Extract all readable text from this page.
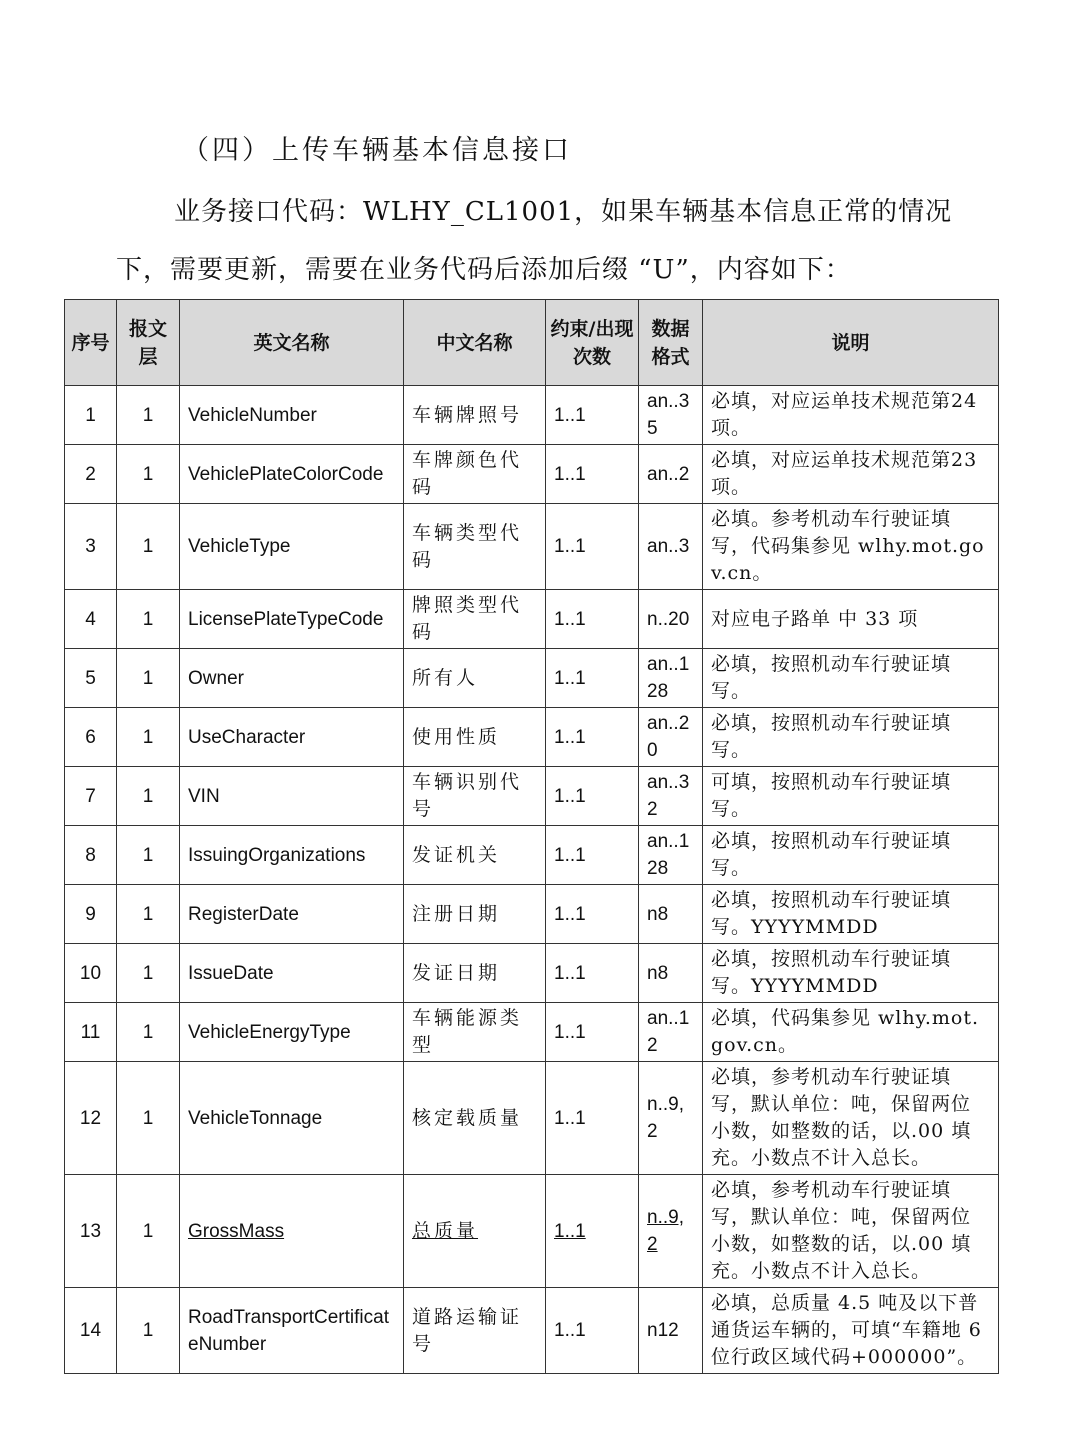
（四）上传车辆基本信息接口
业务接口代码：WLHY_CL1001，如果车辆基本信息正常的情况
下，需要更新，需要在业务代码后添加后缀 “U”，内容如下：
序号	报文层	英文名称	中文名称	约束/出现次数	数据格式	说明
1	1	VehicleNumber	车辆牌照号	1..1	an..35	必填，对应运单技术规范第24项。
2	1	VehiclePlateColorCode	车牌颜色代码	1..1	an..2	必填，对应运单技术规范第23项。
3	1	VehicleType	车辆类型代码	1..1	an..3	必填。参考机动车行驶证填写，代码集参见 wlhy.mot.gov.cn。
4	1	LicensePlateTypeCode	牌照类型代码	1..1	n..20	对应电子路单 中 33 项
5	1	Owner	所有人	1..1	an..128	必填，按照机动车行驶证填写。
6	1	UseCharacter	使用性质	1..1	an..20	必填，按照机动车行驶证填写。
7	1	VIN	车辆识别代号	1..1	an..32	可填，按照机动车行驶证填写。
8	1	IssuingOrganizations	发证机关	1..1	an..128	必填，按照机动车行驶证填写。
9	1	RegisterDate	注册日期	1..1	n8	必填，按照机动车行驶证填写。YYYYMMDD
10	1	IssueDate	发证日期	1..1	n8	必填，按照机动车行驶证填写。YYYYMMDD
11	1	VehicleEnergyType	车辆能源类型	1..1	an..12	必填，代码集参见 wlhy.mot.gov.cn。
12	1	VehicleTonnage	核定载质量	1..1	n..9,2	必填，参考机动车行驶证填写，默认单位：吨，保留两位小数，如整数的话，以.00 填充。小数点不计入总长。
13	1	GrossMass	总质量	1..1	n..9,2	必填，参考机动车行驶证填写，默认单位：吨，保留两位小数，如整数的话，以.00 填充。小数点不计入总长。
14	1	RoadTransportCertificateNumber	道路运输证号	1..1	n12	必填，总质量 4.5 吨及以下普通货运车辆的，可填“车籍地 6 位行政区域代码+000000”。
